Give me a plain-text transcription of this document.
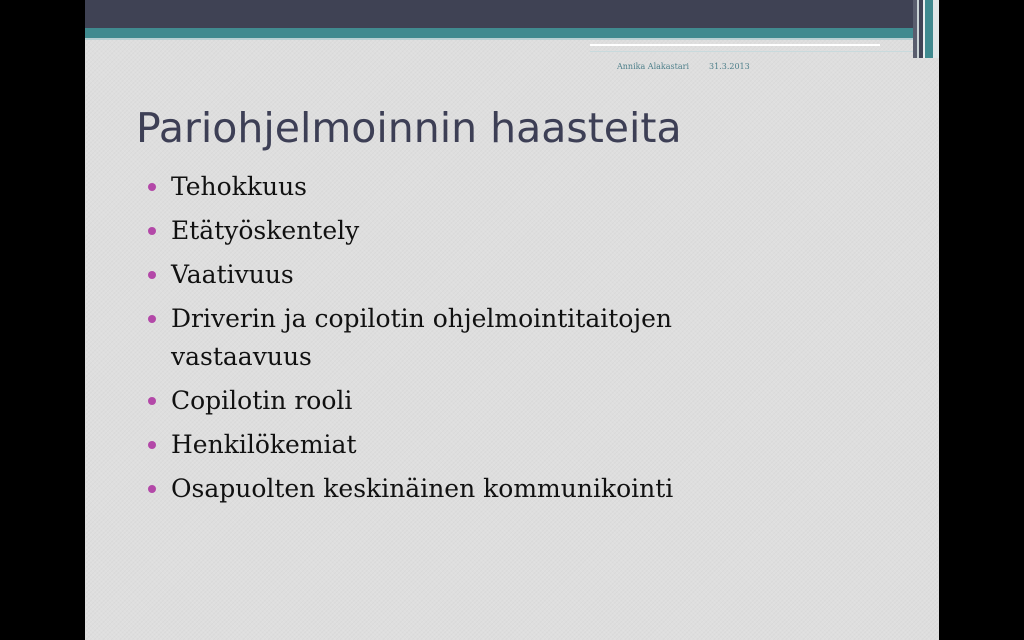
Annika Alakastari	31.3.2013
Pariohjelmoinnin haasteita
Tehokkuus
Etätyöskentely
Vaativuus
Driverin ja copilotin ohjelmointitaitojen vastaavuus
Copilotin rooli
Henkilökemiat
Osapuolten keskinäinen kommunikointi
